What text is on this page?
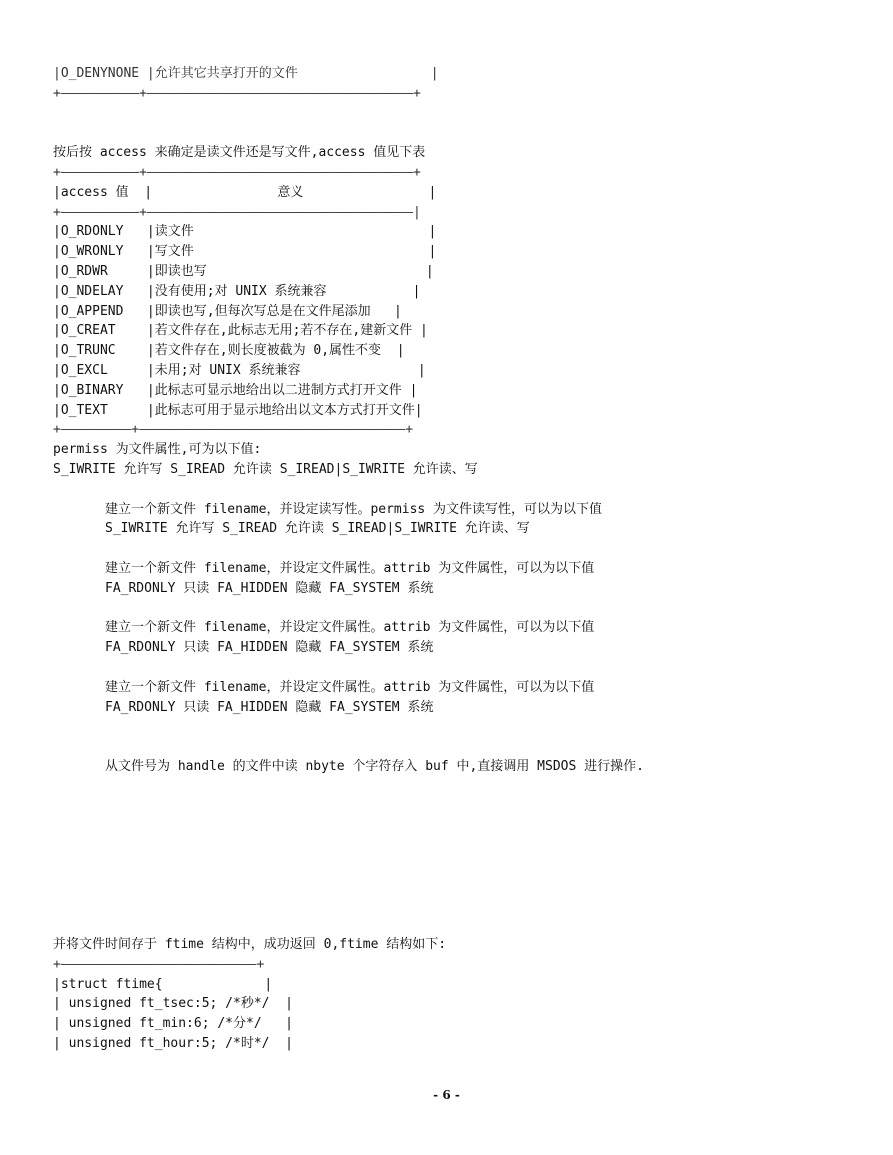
|O_DENYNONE |允许其它共享打开的文件                 |
+——————————+——————————————————————————————————+

按后按 access 来确定是读文件还是写文件,access 值见下表
+——————————+——————————————————————————————————+
|access 值  |                意义                |
+——————————+——————————————————————————————————|
|O_RDONLY   |读文件                              |
|O_WRONLY   |写文件                              |
|O_RDWR     |即读也写                            |
|O_NDELAY   |没有使用;对 UNIX 系统兼容           |
|O_APPEND   |即读也写,但每次写总是在文件尾添加   |
|O_CREAT    |若文件存在,此标志无用;若不存在,建新文件 |
|O_TRUNC    |若文件存在,则长度被截为 0,属性不变  |
|O_EXCL     |未用;对 UNIX 系统兼容               |
|O_BINARY   |此标志可显示地给出以二进制方式打开文件 |
|O_TEXT     |此标志可用于显示地给出以文本方式打开文件|
+—————————+——————————————————————————————————+
permiss 为文件属性,可为以下值:
S_IWRITE 允许写 S_IREAD 允许读 S_IREAD|S_IWRITE 允许读、写

建立一个新文件 filename，并设定读写性。permiss 为文件读写性，可以为以下值
S_IWRITE 允许写 S_IREAD 允许读 S_IREAD|S_IWRITE 允许读、写

建立一个新文件 filename，并设定文件属性。attrib 为文件属性，可以为以下值
FA_RDONLY 只读 FA_HIDDEN 隐藏 FA_SYSTEM 系统

建立一个新文件 filename，并设定文件属性。attrib 为文件属性，可以为以下值
FA_RDONLY 只读 FA_HIDDEN 隐藏 FA_SYSTEM 系统

建立一个新文件 filename，并设定文件属性。attrib 为文件属性，可以为以下值
FA_RDONLY 只读 FA_HIDDEN 隐藏 FA_SYSTEM 系统

从文件号为 handle 的文件中读 nbyte 个字符存入 buf 中,直接调用 MSDOS 进行操作.

并将文件时间存于 ftime 结构中，成功返回 0,ftime 结构如下:
+—————————————————————————+
|struct ftime{             |
| unsigned ft_tsec:5; /*秒*/  |
| unsigned ft_min:6; /*分*/   |
| unsigned ft_hour:5; /*时*/  |
- 6 -
